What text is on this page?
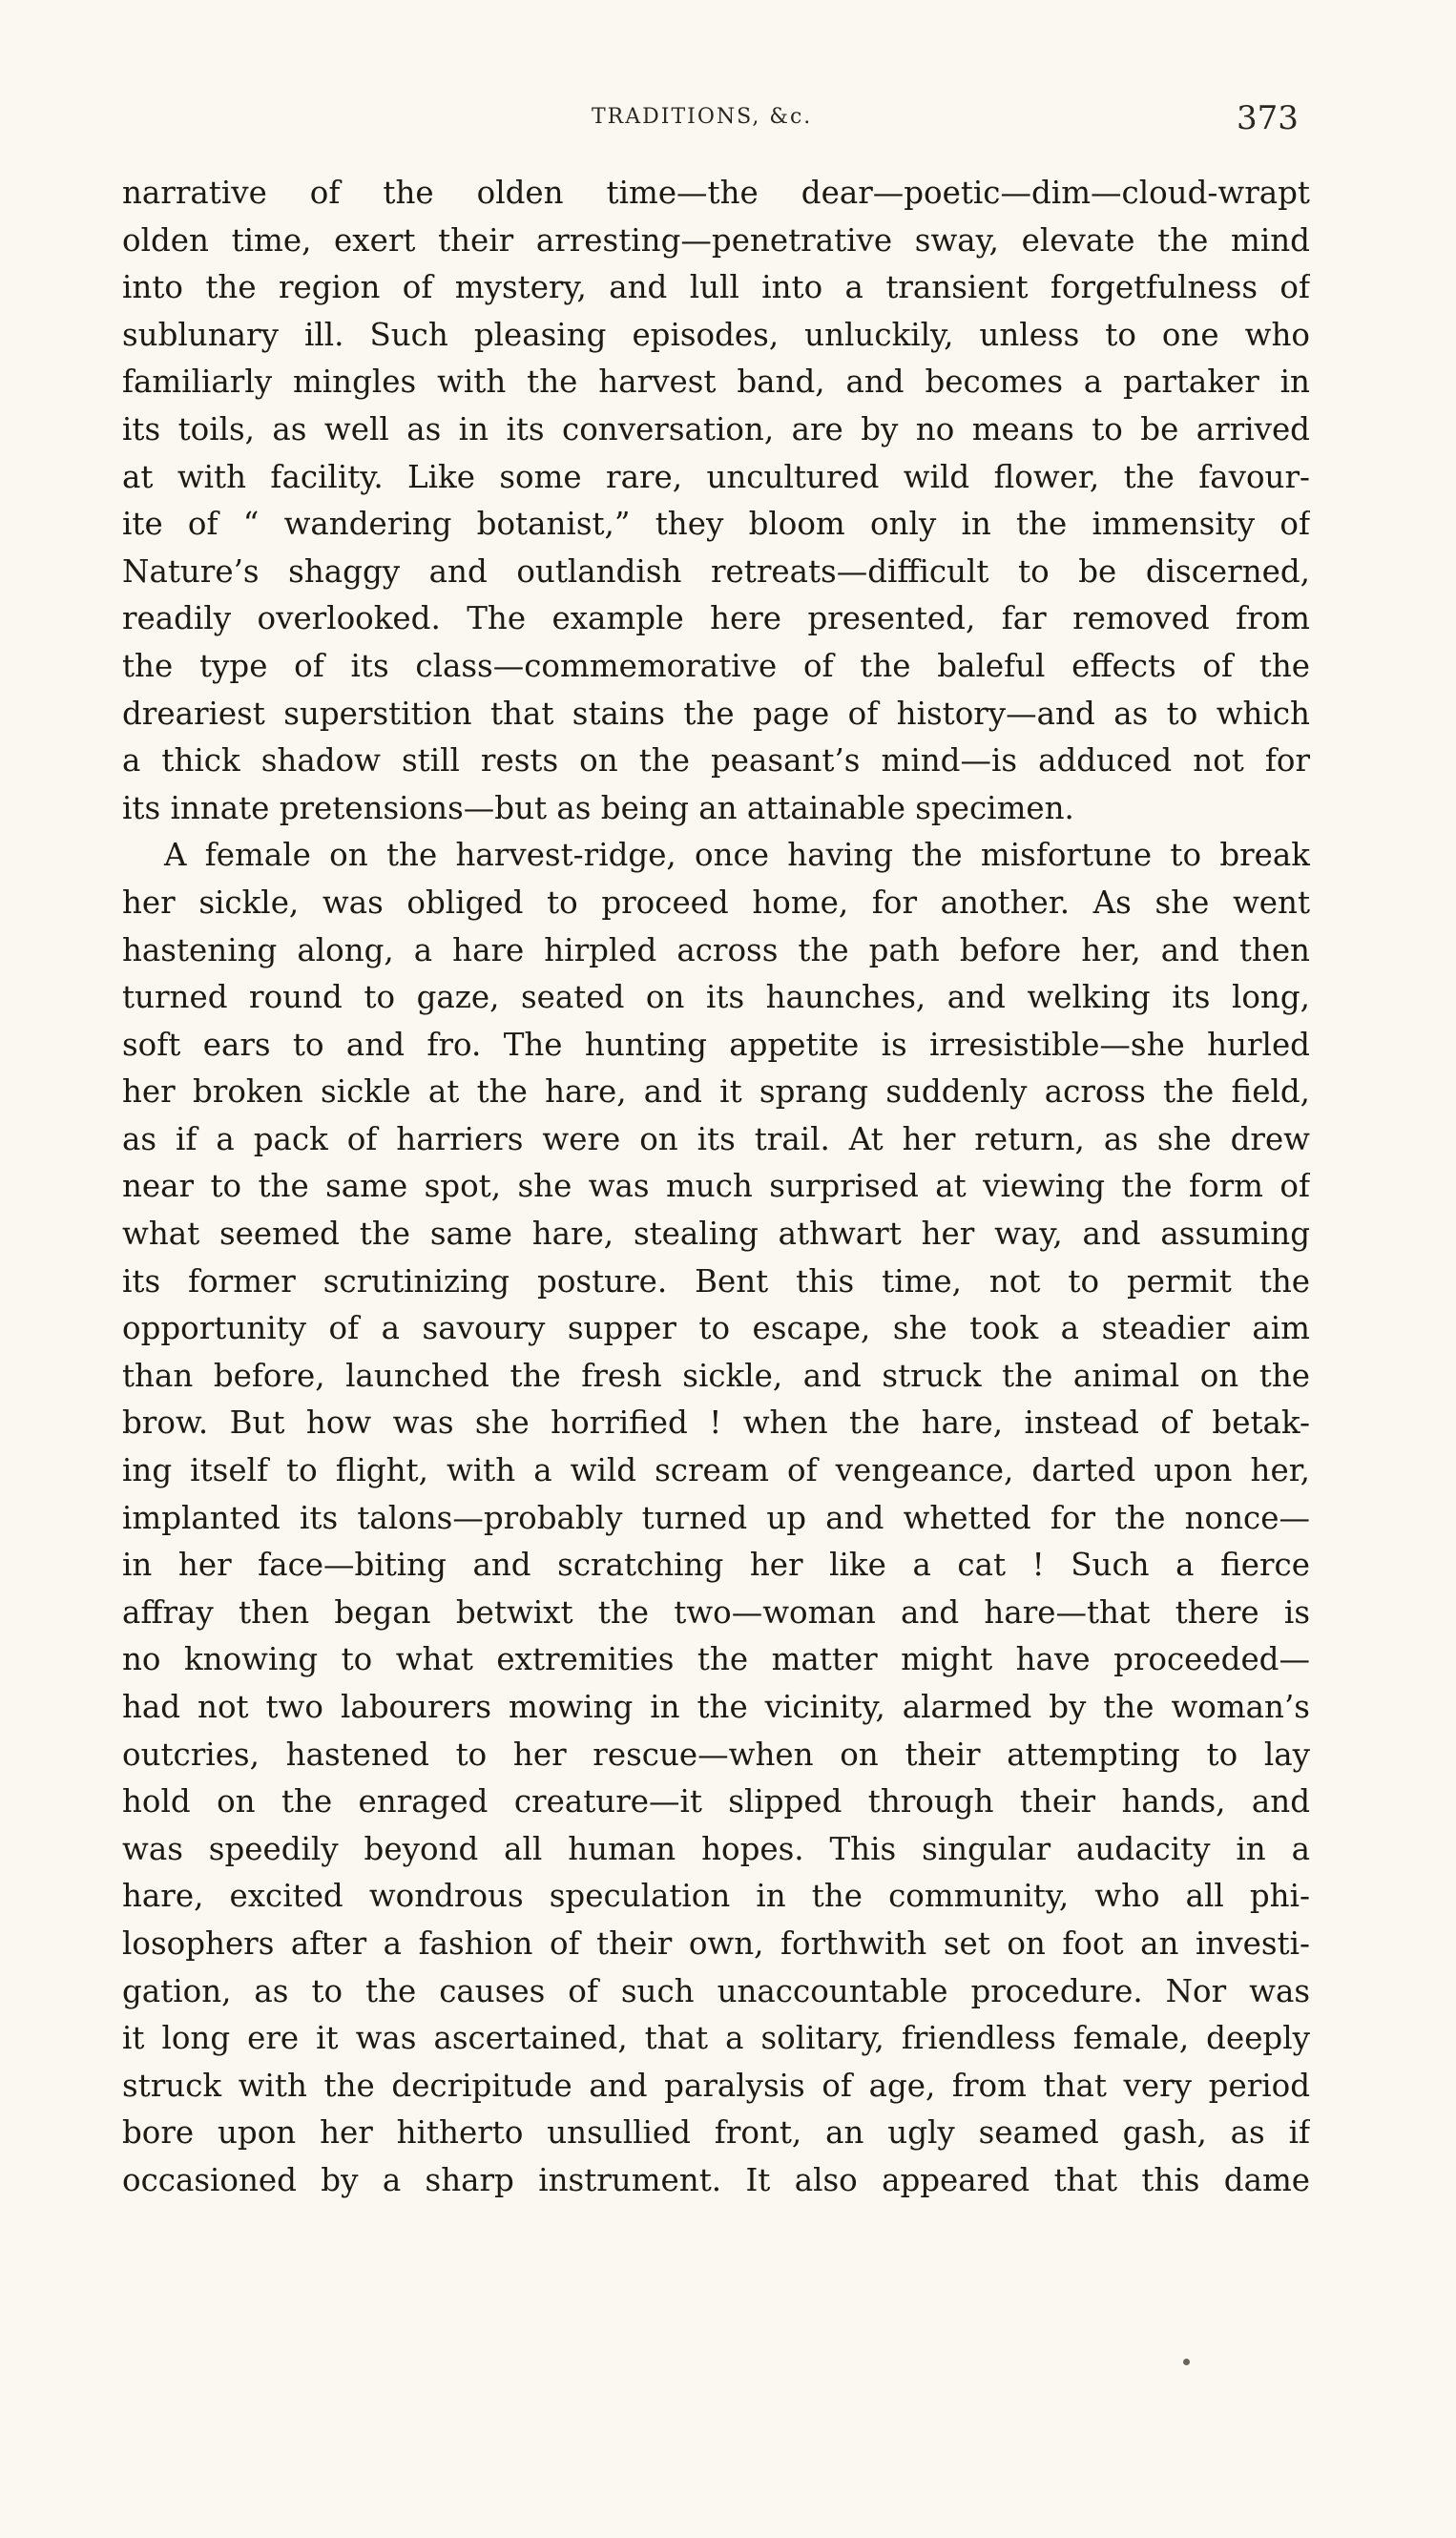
TRADITIONS, &c.	373
narrative of the olden time—the dear—poetic—dim—cloud-wrapt
olden time, exert their arresting—penetrative sway, elevate the mind
into the region of mystery, and lull into a transient forgetfulness of
sublunary ill. Such pleasing episodes, unluckily, unless to one who
familiarly mingles with the harvest band, and becomes a partaker in
its toils, as well as in its conversation, are by no means to be arrived
at with facility. Like some rare, uncultured wild flower, the favour-
ite of “ wandering botanist,” they bloom only in the immensity of
Nature’s shaggy and outlandish retreats—difficult to be discerned,
readily overlooked. The example here presented, far removed from
the type of its class—commemorative of the baleful effects of the
dreariest superstition that stains the page of history—and as to which
a thick shadow still rests on the peasant’s mind—is adduced not for
its innate pretensions—but as being an attainable specimen.
A female on the harvest-ridge, once having the misfortune to break
her sickle, was obliged to proceed home, for another. As she went
hastening along, a hare hirpled across the path before her, and then
turned round to gaze, seated on its haunches, and welking its long,
soft ears to and fro. The hunting appetite is irresistible—she hurled
her broken sickle at the hare, and it sprang suddenly across the field,
as if a pack of harriers were on its trail. At her return, as she drew
near to the same spot, she was much surprised at viewing the form of
what seemed the same hare, stealing athwart her way, and assuming
its former scrutinizing posture. Bent this time, not to permit the
opportunity of a savoury supper to escape, she took a steadier aim
than before, launched the fresh sickle, and struck the animal on the
brow. But how was she horrified ! when the hare, instead of betak-
ing itself to flight, with a wild scream of vengeance, darted upon her,
implanted its talons—probably turned up and whetted for the nonce—
in her face—biting and scratching her like a cat ! Such a fierce
affray then began betwixt the two—woman and hare—that there is
no knowing to what extremities the matter might have proceeded—
had not two labourers mowing in the vicinity, alarmed by the woman’s
outcries, hastened to her rescue—when on their attempting to lay
hold on the enraged creature—it slipped through their hands, and
was speedily beyond all human hopes. This singular audacity in a
hare, excited wondrous speculation in the community, who all phi-
losophers after a fashion of their own, forthwith set on foot an investi-
gation, as to the causes of such unaccountable procedure. Nor was
it long ere it was ascertained, that a solitary, friendless female, deeply
struck with the decripitude and paralysis of age, from that very period
bore upon her hitherto unsullied front, an ugly seamed gash, as if
occasioned by a sharp instrument. It also appeared that this dame
